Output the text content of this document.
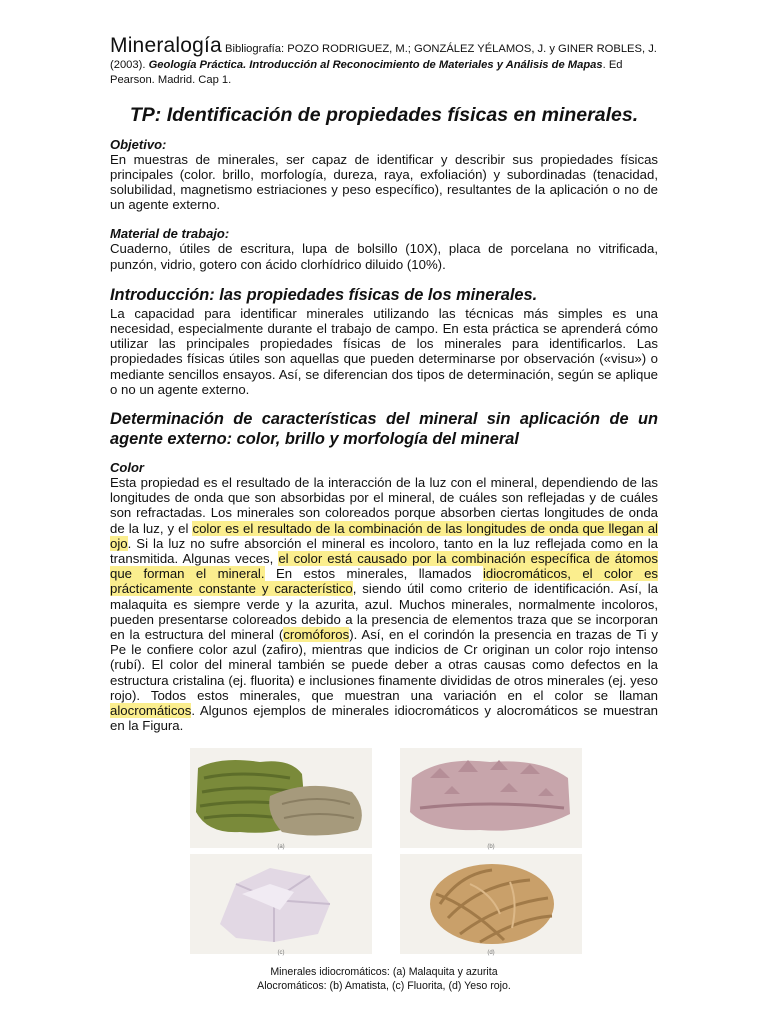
Mineralogía Bibliografía: POZO RODRIGUEZ, M.; GONZÁLEZ YÉLAMOS, J. y GINER ROBLES, J. (2003). Geología Práctica. Introducción al Reconocimiento de Materiales y Análisis de Mapas. Ed Pearson. Madrid. Cap 1.
TP: Identificación de propiedades físicas en minerales.
Objetivo:

En muestras de minerales, ser capaz de identificar y describir sus propiedades físicas principales (color. brillo, morfología, dureza, raya, exfoliación) y subordinadas (tenacidad, solubilidad, magnetismo estriaciones y peso específico), resultantes de la aplicación o no de un agente externo.

Material de trabajo:

Cuaderno, útiles de escritura, lupa de bolsillo (10X), placa de porcelana no vitrificada, punzón, vidrio, gotero con ácido clorhídrico diluido (10%).

Introducción: las propiedades físicas de los minerales.

La capacidad para identificar minerales utilizando las técnicas más simples es una necesidad, especialmente durante el trabajo de campo. En esta práctica se aprenderá cómo utilizar las principales propiedades físicas de los minerales para identificarlos. Las propiedades físicas útiles son aquellas que pueden determinarse por observación («visu») o mediante sencillos ensayos. Así, se diferencian dos tipos de determinación, según se aplique o no un agente externo.

Determinación de características del mineral sin aplicación de un agente externo: color, brillo y morfología del mineral
Color

Esta propiedad es el resultado de la interacción de la luz con el mineral, dependiendo de las longitudes de onda que son absorbidas por el mineral, de cuáles son reflejadas y de cuáles son refractadas. Los minerales son coloreados porque absorben ciertas longitudes de onda de la luz, y el color es el resultado de la combinación de las longitudes de onda que llegan al ojo. Si la luz no sufre absorción el mineral es incoloro, tanto en la luz reflejada como en la transmitida. Algunas veces, el color está causado por la combinación específica de átomos que forman el mineral. En estos minerales, llamados idiocromáticos, el color es prácticamente constante y característico, siendo útil como criterio de identificación. Así, la malaquita es siempre verde y la azurita, azul. Muchos minerales, normalmente incoloros, pueden presentarse coloreados debido a la presencia de elementos traza que se incorporan en la estructura del mineral (cromóforos). Así, en el corindón la presencia en trazas de Ti y Pe le confiere color azul (zafiro), mientras que indicios de Cr originan un color rojo intenso (rubí). El color del mineral también se puede deber a otras causas como defectos en la estructura cristalina (ej. fluorita) e inclusiones finamente divididas de otros minerales (ej. yeso rojo). Todos estos minerales, que muestran una variación en el color se llaman alocromáticos. Algunos ejemplos de minerales idiocromáticos y alocromáticos se muestran en la Figura.

(a)	(b)
(c)	(d)
Minerales idiocromáticos: (a) Malaquita y azurita
Alocromáticos: (b) Amatista, (c) Fluorita, (d) Yeso rojo.
